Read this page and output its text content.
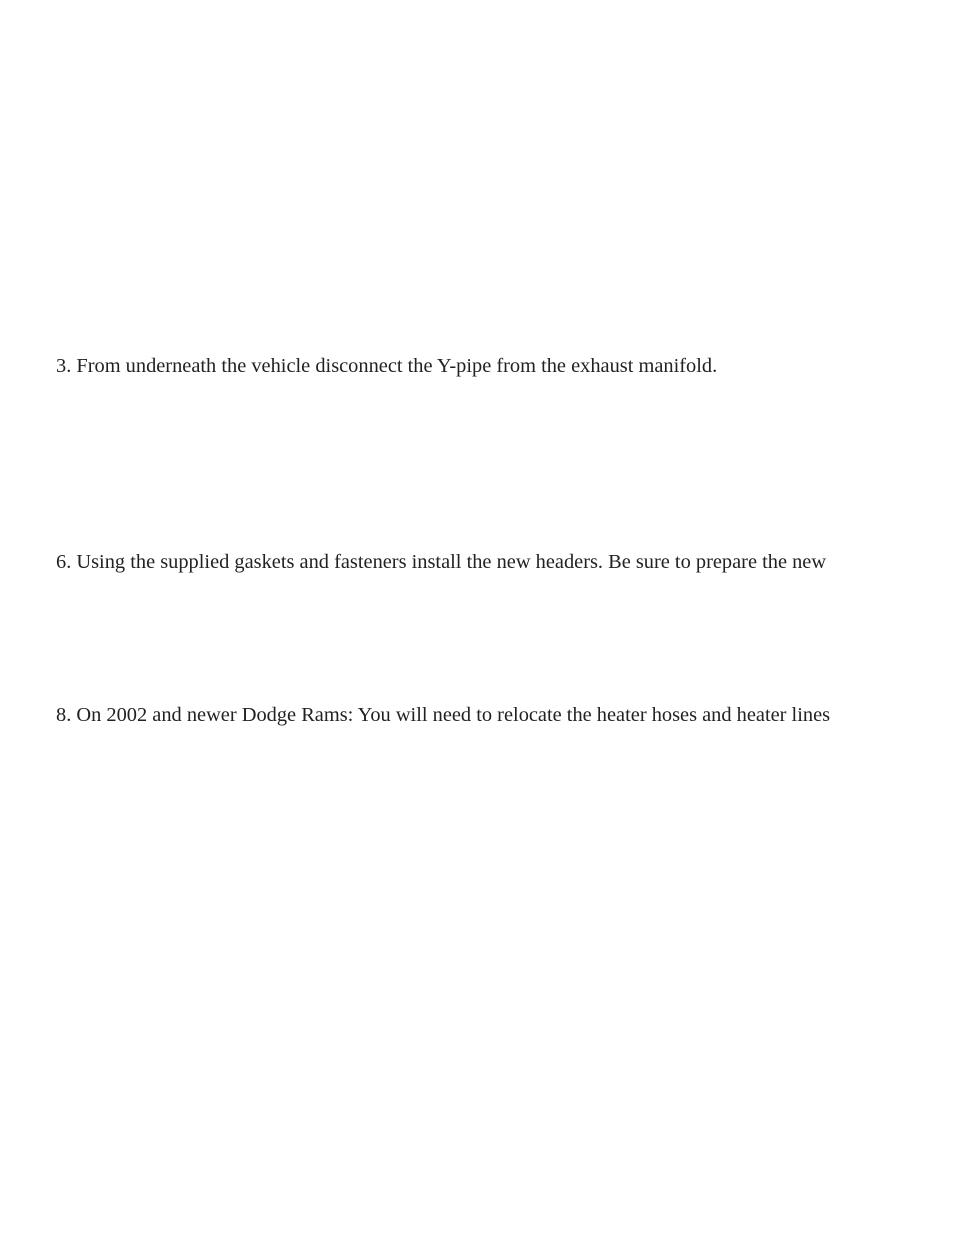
3. From underneath the vehicle disconnect the Y-pipe from the exhaust manifold.

6. Using the supplied gaskets and fasteners install the new headers. Be sure to prepare the new

8. On 2002 and newer Dodge Rams: You will need to relocate the heater hoses and heater lines
